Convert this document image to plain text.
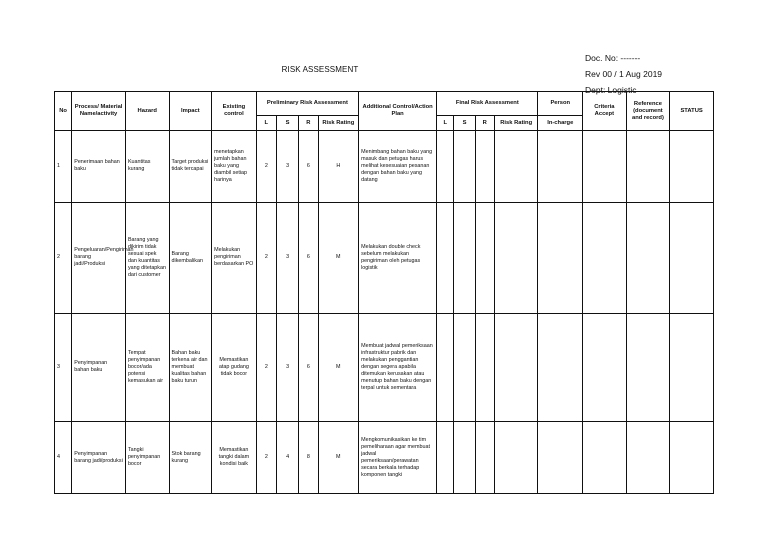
RISK ASSESSMENT
Doc. No: -------
Rev 00 / 1 Aug 2019
Dept: Logistic
No	Process/ Material Name/activity	Hazard	Impact	Existing control	Preliminary Risk Assessment				Additional Control/Action Plan	Final Risk Assessment				Person	Criteria Accept	Reference (document and record)	STATUS
					L	S	R	Risk Rating		L	S	R	Risk Rating	In-charge			
1	Penerimaan bahan baku	Kuantitas kurang	Target produksi tidak tercapai	menetapkan jumlah bahan baku yang diambil setiap harinya	2	3	6	H	Menimbang bahan baku yang masuk dan petugas harus melihat kesesuaian pesanan dengan bahan baku yang datang								
2	Pengeluaran/Pengiriman barang jadi/Produksi	Barang yang dikirim tidak sesuai spek dan kuantitas yang ditetapkan dari customer	Barang dikembalikan	Melakukan pengiriman berdasarkan PO	2	3	6	M	Melakukan double check sebelum melakukan pengiriman oleh petugas logistik								
3	Penyimpanan bahan baku	Tempat penyimpanan bocor/ada potensi kemasukan air	Bahan baku terkena air dan membuat kualitas bahan baku turun	Memastikan atap gudang tidak bocor	2	3	6	M	Membuat jadwal pemeriksaan infrastruktur pabrik dan melakukan penggantian dengan segera apabila ditemukan kerusakan atau menutup bahan baku dengan terpal untuk sementara								
4	Penyimpanan barang jadi/produksi	Tangki penyimpanan bocor	Stok barang kurang	Memastikan tangki dalam kondisi baik	2	4	8	M	Mengkomunikasikan ke tim pemeliharaan agar membuat jadwal pemeriksaan/perawatan secara berkala terhadap komponen tangki								
